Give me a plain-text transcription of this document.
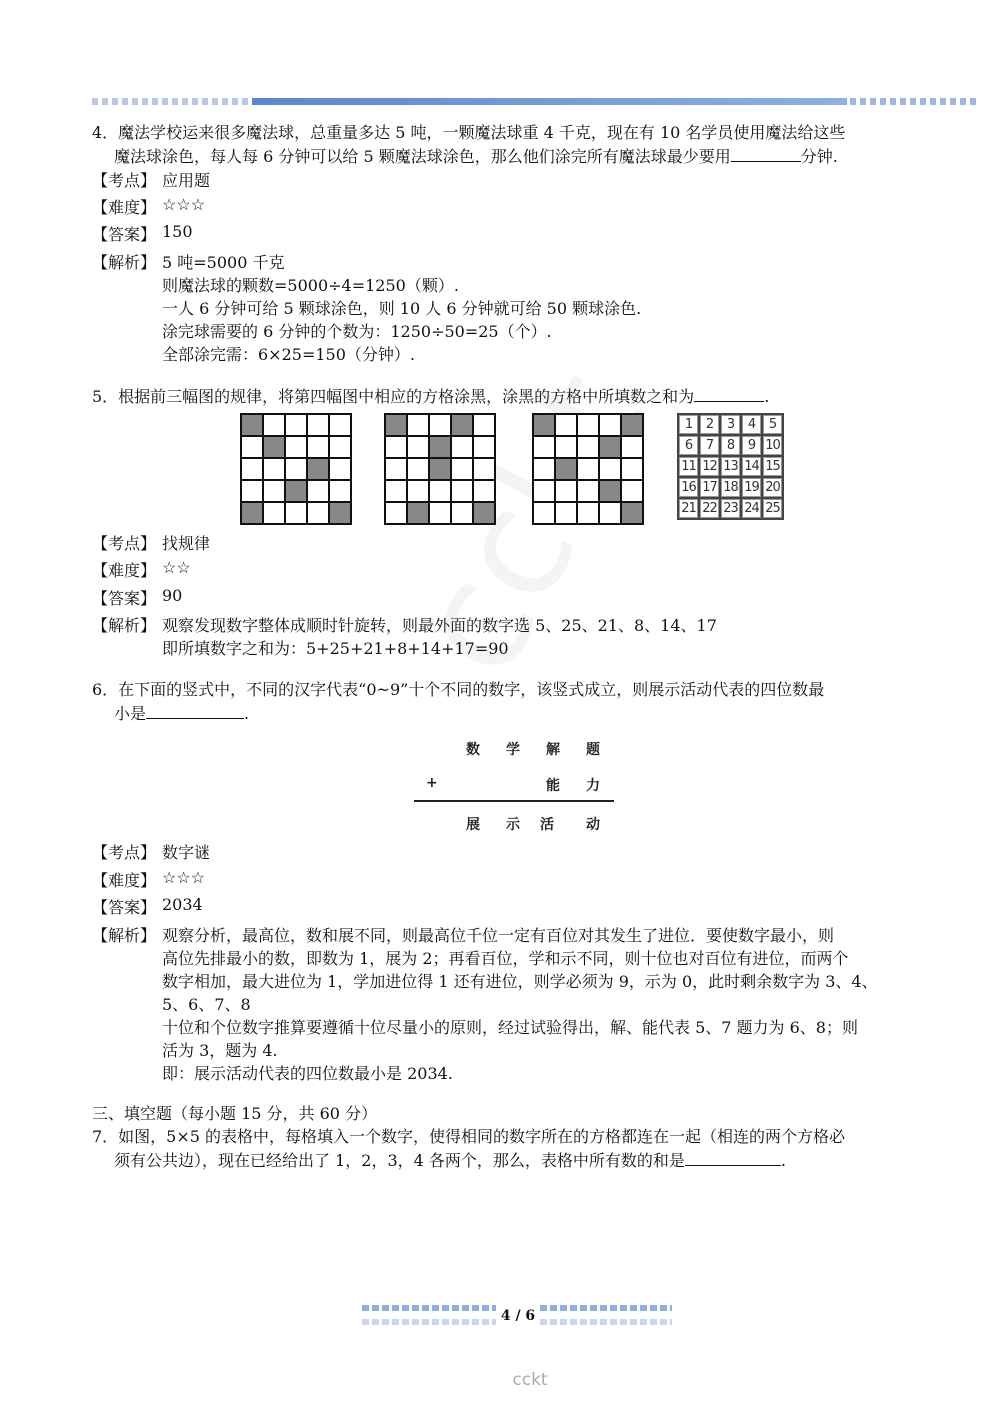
4．魔法学校运来很多魔法球，总重量多达 5 吨，一颗魔法球重 4 千克，现在有 10 名学员使用魔法给这些
魔法球涂色，每人每 6 分钟可以给 5 颗魔法球涂色，那么他们涂完所有魔法球最少要用	分钟.
【考点】 应用题
【难度】 ☆☆☆
【答案】 150
【解析】 5 吨=5000 千克
则魔法球的颗数=5000÷4=1250（颗）.
一人 6 分钟可给 5 颗球涂色，则 10 人 6 分钟就可给 50 颗球涂色.
涂完球需要的 6 分钟的个数为：1250÷50=25（个）.
全部涂完需：6×25=150（分钟）.
5．根据前三幅图的规律，将第四幅图中相应的方格涂黑，涂黑的方格中所填数之和为	.
1	2	3	4	5
6	7	8	9 10
11 12 13 14 15
16 17 18 19 20
21 22 23 24 25
【考点】 找规律
【难度】 ☆☆
【答案】 90
【解析】 观察发现数字整体成顺时针旋转，则最外面的数字选 5、25、21、8、14、17
即所填数字之和为：5+25+21+8+14+17=90
6．在下面的竖式中，不同的汉字代表“0~9”十个不同的数字，该竖式成立，则展示活动代表的四位数最
小是	.
数 学 解 题
+	能 力
展 示 活 动
【考点】 数字谜
【难度】 ☆☆☆
【答案】 2034
【解析】 观察分析，最高位，数和展不同，则最高位千位一定有百位对其发生了进位．要使数字最小，则
高位先排最小的数，即数为 1，展为 2；再看百位，学和示不同，则十位也对百位有进位，而两个
数字相加，最大进位为 1，学加进位得 1 还有进位，则学必须为 9，示为 0，此时剩余数字为 3、4、
5、6、7、8
十位和个位数字推算要遵循十位尽量小的原则，经过试验得出，解、能代表 5、7 题力为 6、8；则
活为 3，题为 4.
即：展示活动代表的四位数最小是 2034.
三、填空题（每小题 15 分，共 60 分）
7．如图，5×5 的表格中，每格填入一个数字，使得相同的数字所在的方格都连在一起（相连的两个方格必
须有公共边），现在已经给出了 1，2，3，4 各两个，那么，表格中所有数的和是	.
4 / 6
cckt
